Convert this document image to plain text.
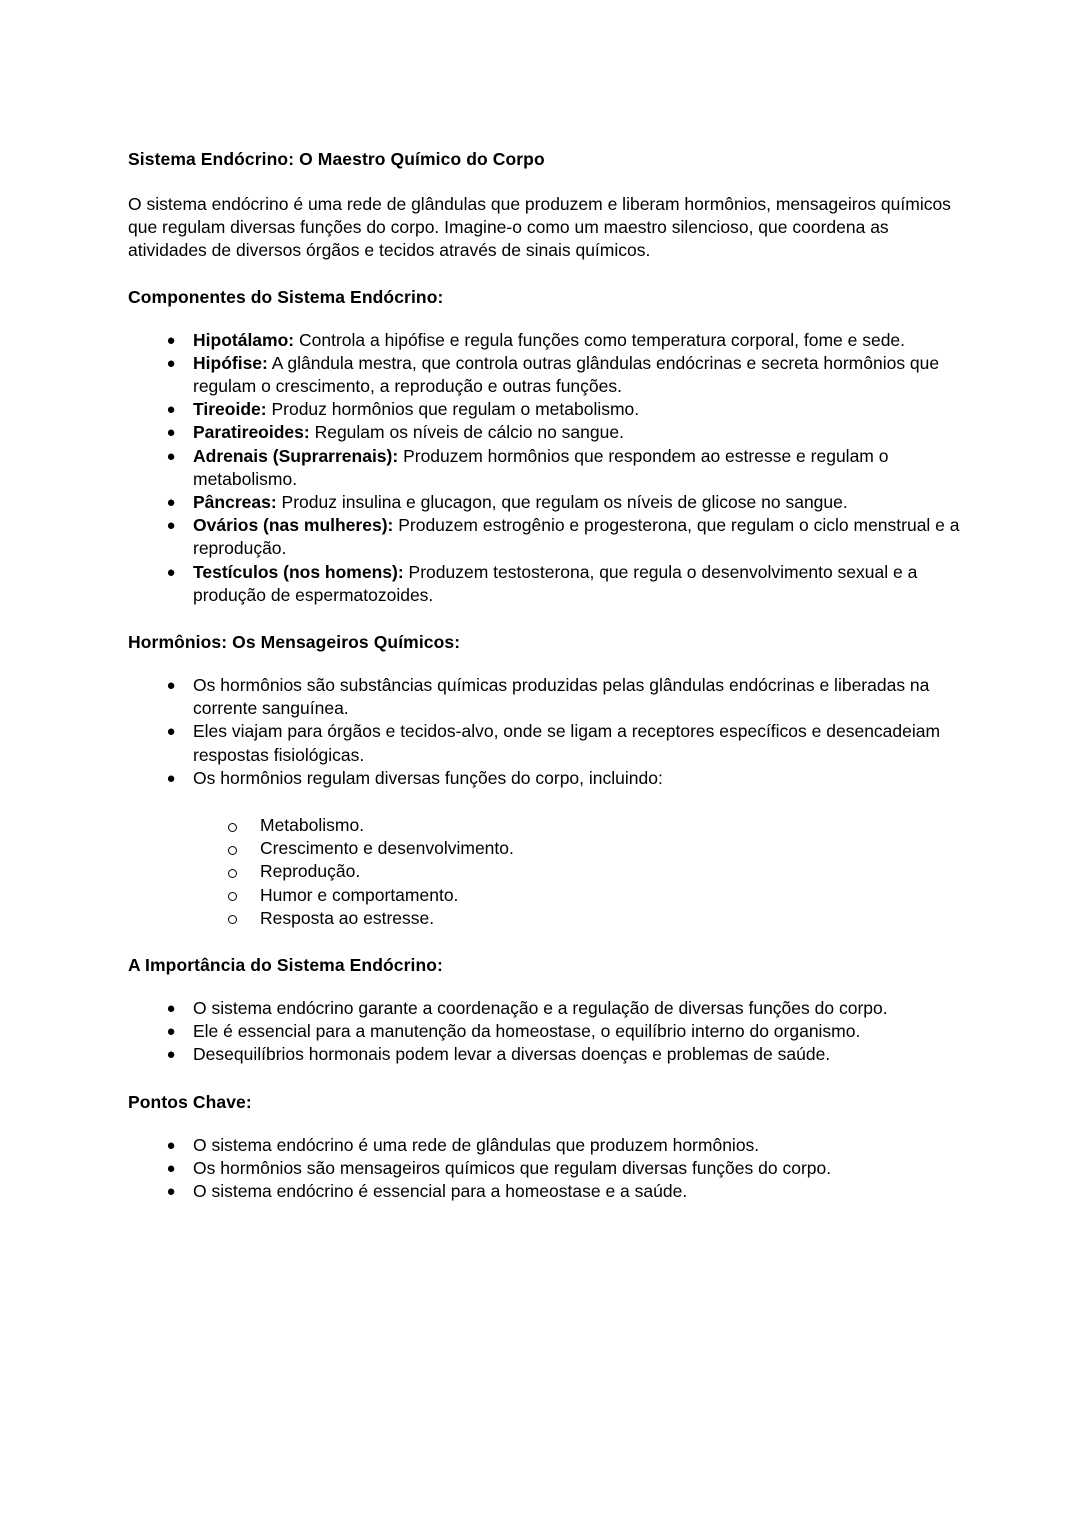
Sistema Endócrino: O Maestro Químico do Corpo

O sistema endócrino é uma rede de glândulas que produzem e liberam hormônios, mensageiros químicos que regulam diversas funções do corpo. Imagine-o como um maestro silencioso, que coordena as atividades de diversos órgãos e tecidos através de sinais químicos.

Componentes do Sistema Endócrino:
● Hipotálamo: Controla a hipófise e regula funções como temperatura corporal, fome e sede.
● Hipófise: A glândula mestra, que controla outras glândulas endócrinas e secreta hormônios que regulam o crescimento, a reprodução e outras funções.
● Tireoide: Produz hormônios que regulam o metabolismo.
● Paratireoides: Regulam os níveis de cálcio no sangue.
● Adrenais (Suprarrenais): Produzem hormônios que respondem ao estresse e regulam o metabolismo.
● Pâncreas: Produz insulina e glucagon, que regulam os níveis de glicose no sangue.
● Ovários (nas mulheres): Produzem estrogênio e progesterona, que regulam o ciclo menstrual e a reprodução.
● Testículos (nos homens): Produzem testosterona, que regula o desenvolvimento sexual e a produção de espermatozoides.
Hormônios: Os Mensageiros Químicos:
● Os hormônios são substâncias químicas produzidas pelas glândulas endócrinas e liberadas na corrente sanguínea.
● Eles viajam para órgãos e tecidos-alvo, onde se ligam a receptores específicos e desencadeiam respostas fisiológicas.
● Os hormônios regulam diversas funções do corpo, incluindo:
Metabolismo.
Crescimento e desenvolvimento.
Reprodução.
Humor e comportamento.
Resposta ao estresse.
A Importância do Sistema Endócrino:
● O sistema endócrino garante a coordenação e a regulação de diversas funções do corpo.
● Ele é essencial para a manutenção da homeostase, o equilíbrio interno do organismo.
● Desequilíbrios hormonais podem levar a diversas doenças e problemas de saúde.
Pontos Chave:
● O sistema endócrino é uma rede de glândulas que produzem hormônios.
● Os hormônios são mensageiros químicos que regulam diversas funções do corpo.
● O sistema endócrino é essencial para a homeostase e a saúde.
